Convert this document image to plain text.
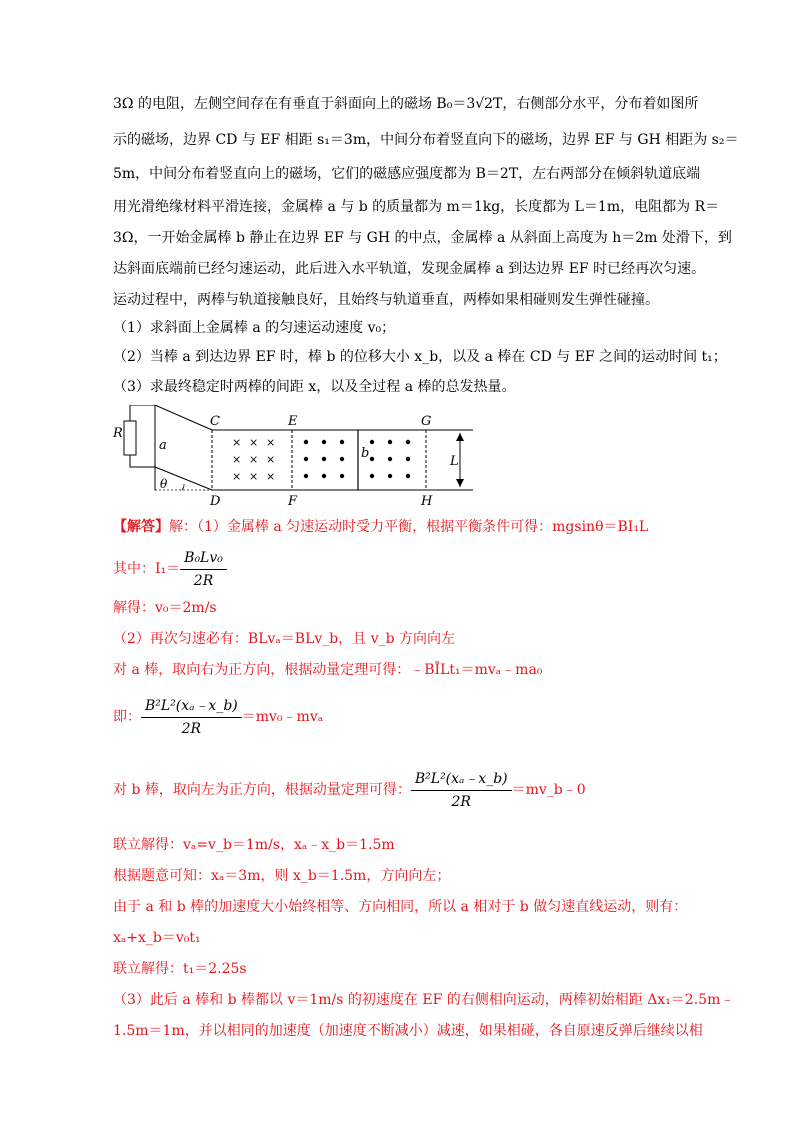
3Ω 的电阻，左侧空间存在有垂直于斜面向上的磁场 B₀＝3√2T，右侧部分水平，分布着如图所
示的磁场，边界 CD 与 EF 相距 s₁＝3m，中间分布着竖直向下的磁场，边界 EF 与 GH 相距为 s₂＝
5m，中间分布着竖直向上的磁场，它们的磁感应强度都为 B＝2T，左右两部分在倾斜轨道底端
用光滑绝缘材料平滑连接，金属棒 a 与 b 的质量都为 m＝1kg，长度都为 L＝1m，电阻都为 R＝
3Ω，一开始金属棒 b 静止在边界 EF 与 GH 的中点，金属棒 a 从斜面上高度为 h＝2m 处滑下，到
达斜面底端前已经匀速运动，此后进入水平轨道，发现金属棒 a 到达边界 EF 时已经再次匀速。
运动过程中，两棒与轨道接触良好，且始终与轨道垂直，两棒如果相碰则发生弹性碰撞。
（1）求斜面上金属棒 a 的匀速运动速度 v₀；
（2）当棒 a 到达边界 EF 时，棒 b 的位移大小 x_b，以及 a 棒在 CD 与 EF 之间的运动时间 t₁；
（3）求最终稳定时两棒的间距 x，以及全过程 a 棒的总发热量。
R
a
θ
b
C
D
E
F
G
H
L
× × ×
× × ×
× × ×
【解答】解：（1）金属棒 a 匀速运动时受力平衡，根据平衡条件可得：mgsinθ＝BI₁L
其中：$I_1= \frac{\text{B₀Lv₀}}{2R}$
解得：v₀＝2m/s
（2）再次匀速必有：BLvₐ＝BLv_b，且 v_b 方向向左
对 a 棒，取向右为正方向，根据动量定理可得：﹣BĪLt₁＝mvₐ﹣ma₀
即： $\frac{\text{B²L²(xₐ﹣x\_b)}}{2R}$ ＝mv₀﹣mvₐ
对 b 棒，取向左为正方向，根据动量定理可得： $\frac{\text{B²L²(xₐ﹣x\_b)}}{2R}$ ＝mv_b﹣0
联立解得：vₐ=v_b＝1m/s，xₐ﹣x_b＝1.5m
根据题意可知：xₐ＝3m，则 x_b＝1.5m，方向向左；
由于 a 和 b 棒的加速度大小始终相等、方向相同，所以 a 相对于 b 做匀速直线运动，则有：
xₐ+x_b＝v₀t₁
联立解得：t₁＝2.25s
（3）此后 a 棒和 b 棒都以 v＝1m/s 的初速度在 EF 的右侧相向运动，两棒初始相距 Δx₁＝2.5m﹣
1.5m＝1m，并以相同的加速度（加速度不断减小）减速，如果相碰，各自原速反弹后继续以相
